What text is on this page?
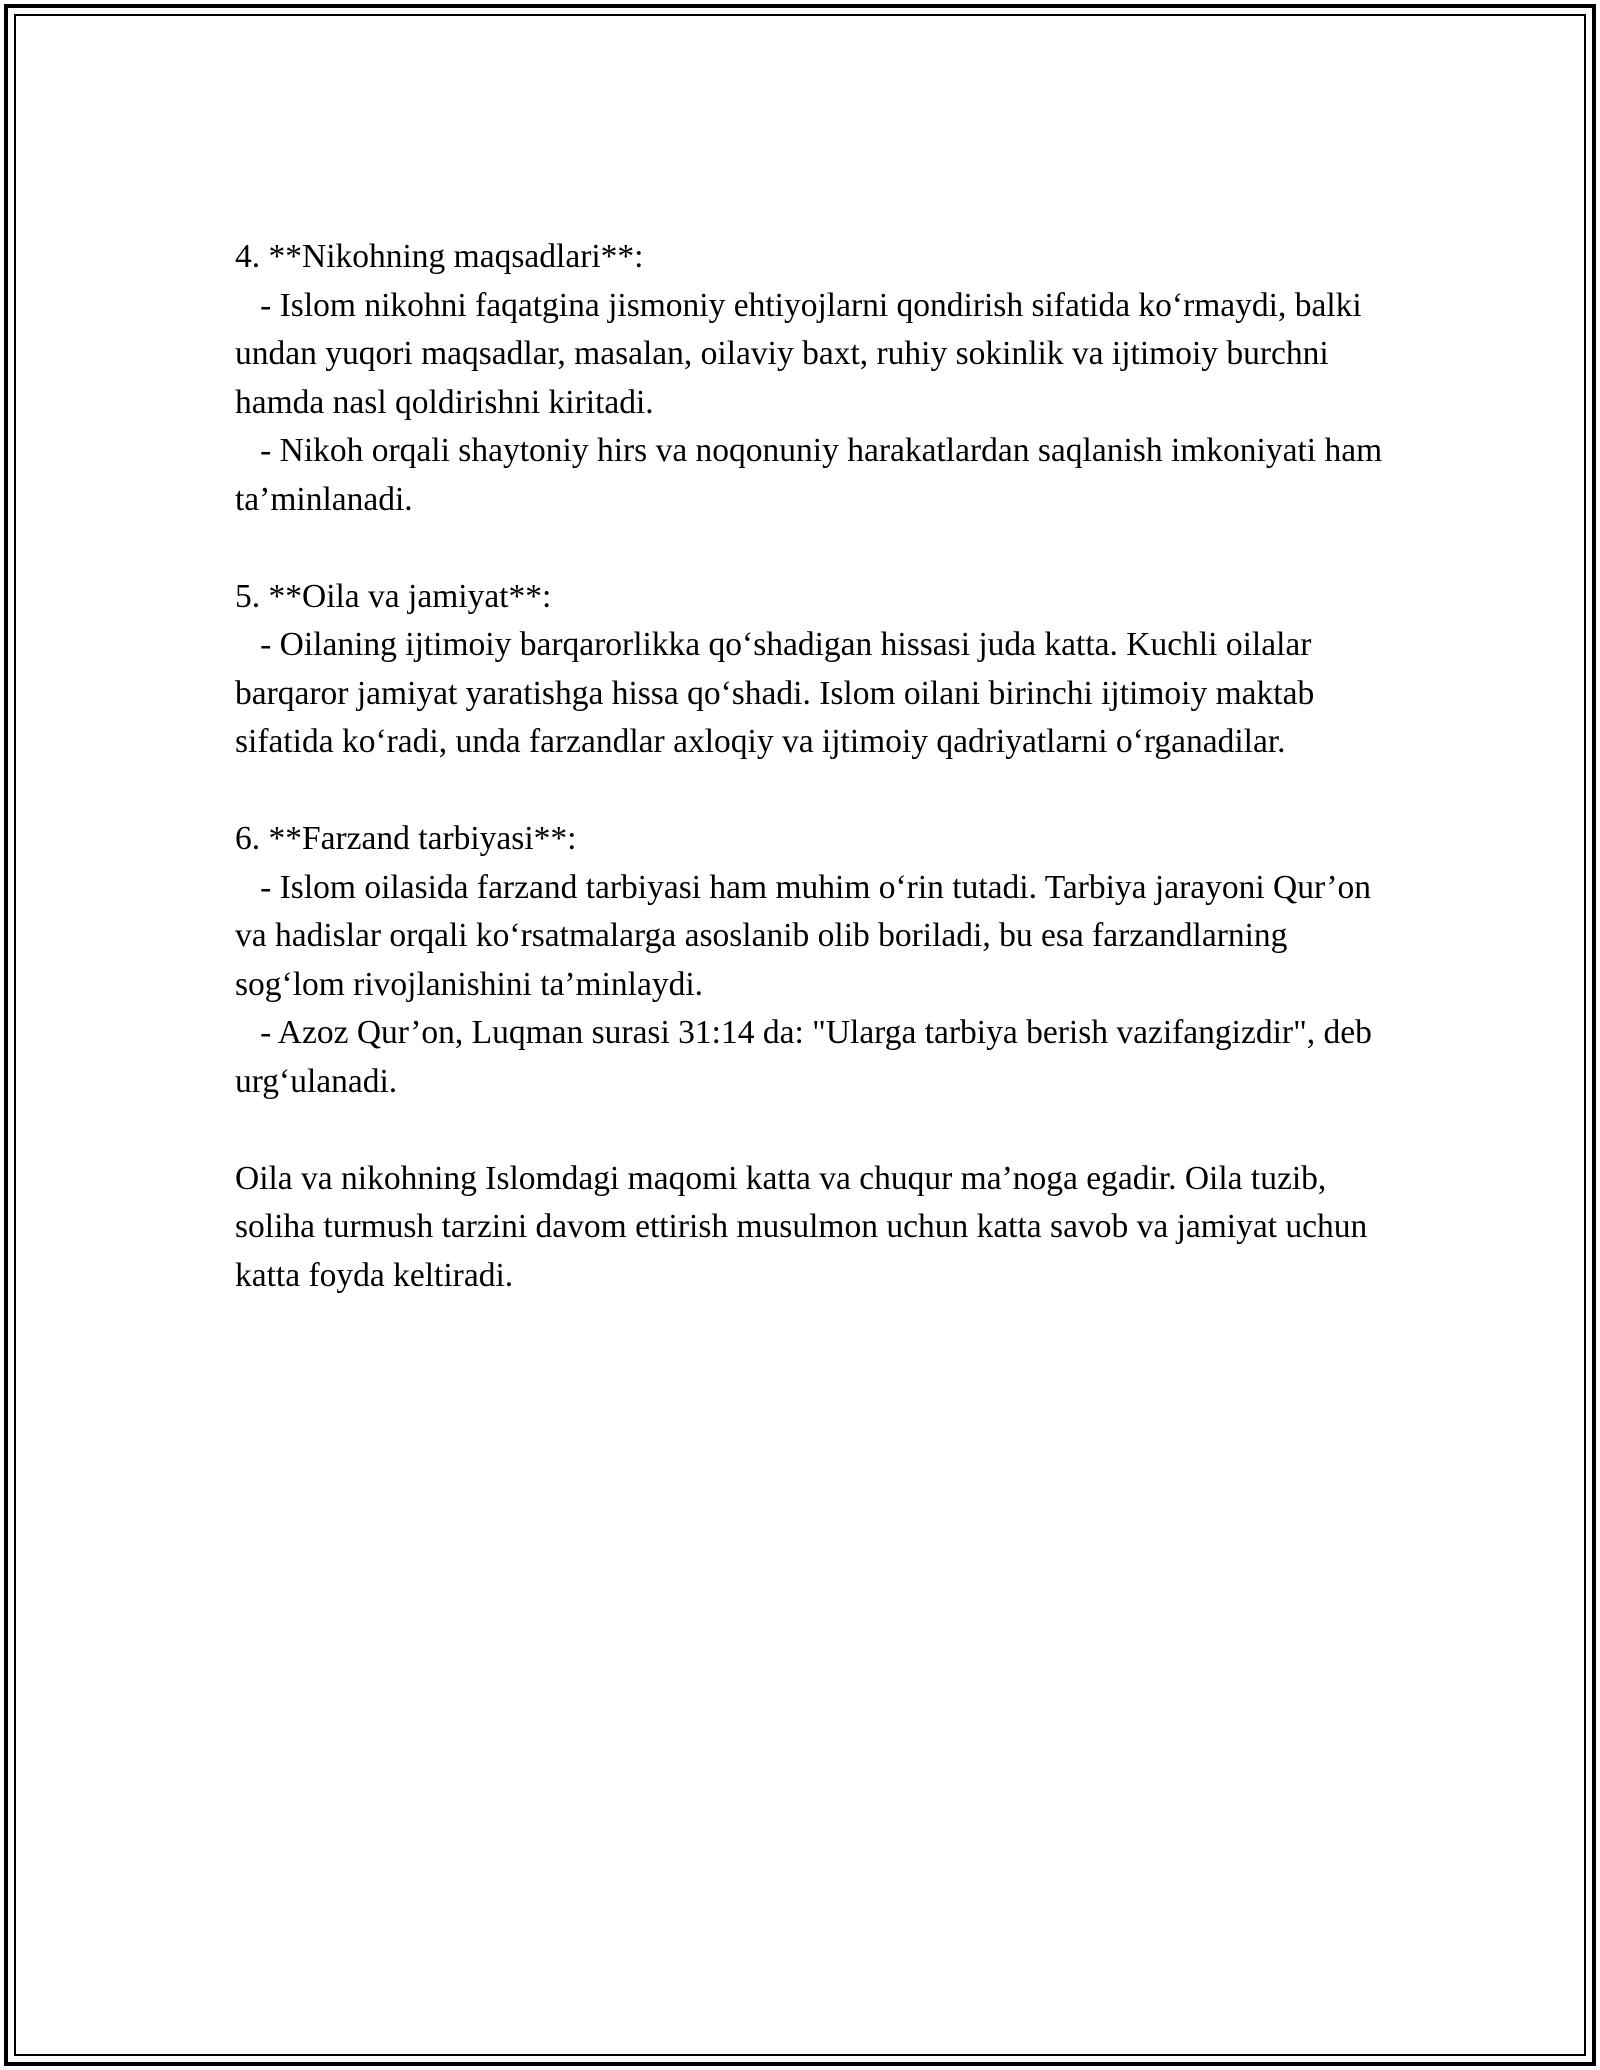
4. **Nikohning maqsadlari**:

- Islom nikohni faqatgina jismoniy ehtiyojlarni qondirish sifatida ko‘rmaydi, balki undan yuqori maqsadlar, masalan, oilaviy baxt, ruhiy sokinlik va ijtimoiy burchni hamda nasl qoldirishni kiritadi.

- Nikoh orqali shaytoniy hirs va noqonuniy harakatlardan saqlanish imkoniyati ham ta’minlanadi.

5. **Oila va jamiyat**:

- Oilaning ijtimoiy barqarorlikka qo‘shadigan hissasi juda katta. Kuchli oilalar barqaror jamiyat yaratishga hissa qo‘shadi. Islom oilani birinchi ijtimoiy maktab sifatida ko‘radi, unda farzandlar axloqiy va ijtimoiy qadriyatlarni o‘rganadilar.

6. **Farzand tarbiyasi**:

- Islom oilasida farzand tarbiyasi ham muhim o‘rin tutadi. Tarbiya jarayoni Qur’on va hadislar orqali ko‘rsatmalarga asoslanib olib boriladi, bu esa farzandlarning sog‘lom rivojlanishini ta’minlaydi.

- Azoz Qur’on, Luqman surasi 31:14 da: "Ularga tarbiya berish vazifangizdir", deb urg‘ulanadi.

Oila va nikohning Islomdagi maqomi katta va chuqur ma’noga egadir. Oila tuzib, soliha turmush tarzini davom ettirish musulmon uchun katta savob va jamiyat uchun katta foyda keltiradi.
